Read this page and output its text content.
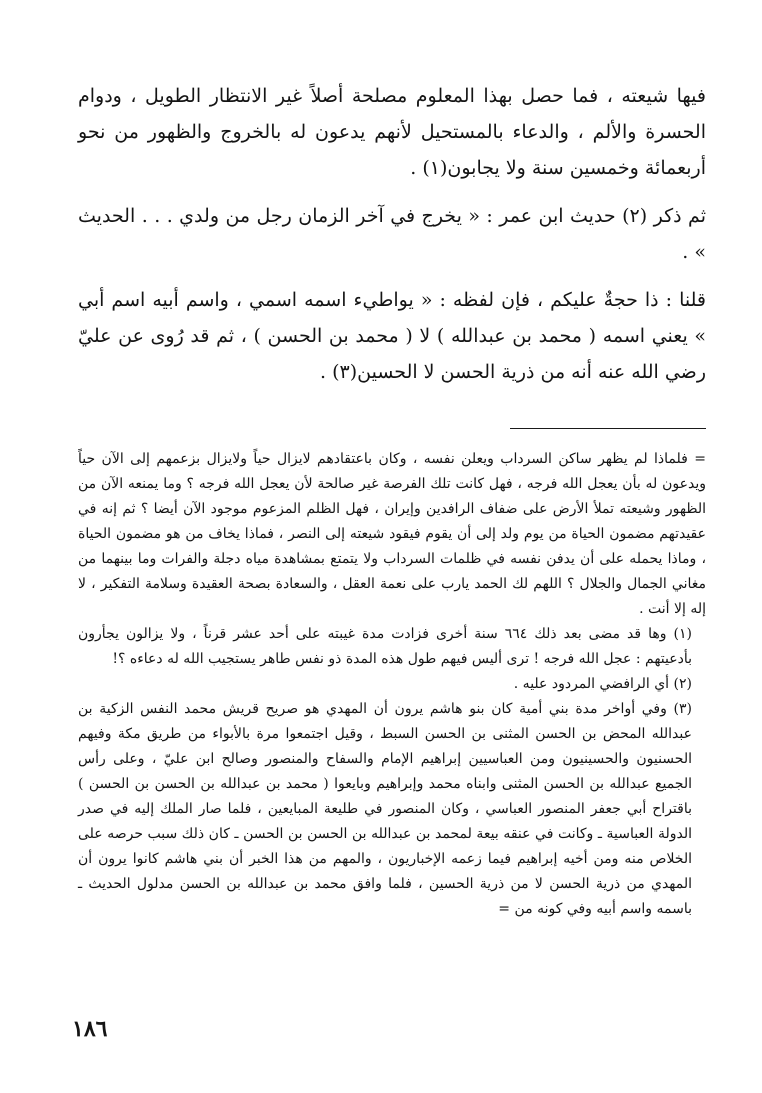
فيها شيعته ، فما حصل بهذا المعلوم مصلحة أصلاً غير الانتظار الطويل ، ودوام الحسرة والألم ، والدعاء بالمستحيل لأنهم يدعون له بالخروج والظهور من نحو أربعمائة وخمسين سنة ولا يجابون(١) .

ثم ذكر (٢) حديث ابن عمر : « يخرج في آخر الزمان رجل من ولدي . . . الحديث » .

قلنا : ذا حجةٌ عليكم ، فإن لفظه : « يواطيء اسمه اسمي ، واسم أبيه اسم أبي » يعني اسمه ( محمد بن عبدالله ) لا ( محمد بن الحسن ) ، ثم قد رُوى عن عليّ رضي الله عنه أنه من ذرية الحسن لا الحسين(٣) .

= فلماذا لم يظهر ساكن السرداب ويعلن نفسه ، وكان باعتقادهم لايزال حياً ولايزال بزعمهم إلى الآن حياً ويدعون له بأن يعجل الله فرجه ، فهل كانت تلك الفرصة غير صالحة لأن يعجل الله فرجه ؟ وما يمنعه الآن من الظهور وشيعته تملأ الأرض على ضفاف الرافدين وإيران ، فهل الظلم المزعوم موجود الآن أيضا ؟ ثم إنه في عقيدتهم مضمون الحياة من يوم ولد إلى أن يقوم فيقود شيعته إلى النصر ، فماذا يخاف من هو مضمون الحياة ، وماذا يحمله على أن يدفن نفسه في ظلمات السرداب ولا يتمتع بمشاهدة مياه دجلة والفرات وما بينهما من مغاني الجمال والجلال ؟ اللهم لك الحمد يارب على نعمة العقل ، والسعادة بصحة العقيدة وسلامة التفكير ، لا إله إلا أنت .

(١) وها قد مضى بعد ذلك ٦٦٤ سنة أخرى فزادت مدة غيبته على أحد عشر قرناً ، ولا يزالون يجأرون بأدعيتهم : عجل الله فرجه ! ترى أليس فيهم طول هذه المدة ذو نفس طاهر يستجيب الله له دعاءه ؟!

(٢) أي الرافضي المردود عليه .

(٣) وفي أواخر مدة بني أمية كان بنو هاشم يرون أن المهدي هو صريح قريش محمد النفس الزكية بن عبدالله المحض بن الحسن المثنى بن الحسن السبط ، وقيل اجتمعوا مرة بالأبواء من طريق مكة وفيهم الحسنيون والحسينيون ومن العباسيين إبراهيم الإمام والسفاح والمنصور وصالح ابن عليّ ، وعلى رأس الجميع عبدالله بن الحسن المثنى وابناه محمد وإبراهيم وبايعوا ( محمد بن عبدالله بن الحسن بن الحسن ) باقتراح أبي جعفر المنصور العباسي ، وكان المنصور في طليعة المبايعين ، فلما صار الملك إليه في صدر الدولة العباسية ـ وكانت في عنقه بيعة لمحمد بن عبدالله بن الحسن بن الحسن ـ كان ذلك سبب حرصه على الخلاص منه ومن أخيه إبراهيم فيما زعمه الإخباريون ، والمهم من هذا الخبر أن بني هاشم كانوا يرون أن المهدي من ذرية الحسن لا من ذرية الحسين ، فلما وافق محمد بن عبدالله بن الحسن مدلول الحديث ـ باسمه واسم أبيه وفي كونه من =

١٨٦
